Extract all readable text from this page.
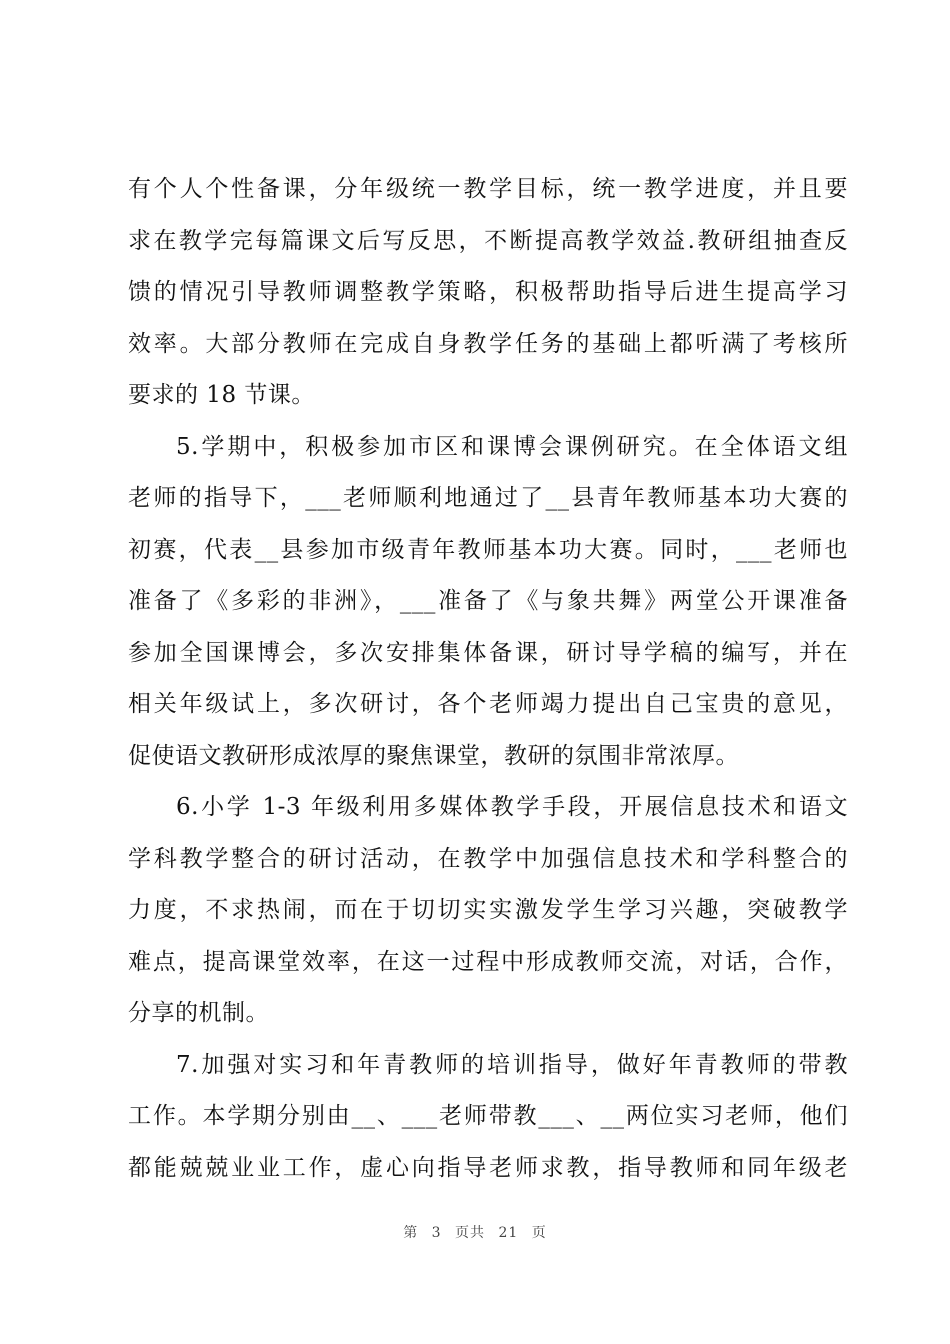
有个人个性备课，分年级统一教学目标，统一教学进度，并且要
求在教学完每篇课文后写反思，不断提高教学效益.教研组抽查反
馈的情况引导教师调整教学策略，积极帮助指导后进生提高学习
效率。大部分教师在完成自身教学任务的基础上都听满了考核所
要求的 18 节课。
5.学期中，积极参加市区和课博会课例研究。在全体语文组
老师的指导下，___老师顺利地通过了__县青年教师基本功大赛的
初赛，代表__县参加市级青年教师基本功大赛。同时，___老师也
准备了《多彩的非洲》，___准备了《与象共舞》两堂公开课准备
参加全国课博会，多次安排集体备课，研讨导学稿的编写，并在
相关年级试上，多次研讨，各个老师竭力提出自己宝贵的意见，
促使语文教研形成浓厚的聚焦课堂，教研的氛围非常浓厚。
6.小学 1-3 年级利用多媒体教学手段，开展信息技术和语文
学科教学整合的研讨活动，在教学中加强信息技术和学科整合的
力度，不求热闹，而在于切切实实激发学生学习兴趣，突破教学
难点，提高课堂效率，在这一过程中形成教师交流，对话，合作，
分享的机制。
7.加强对实习和年青教师的培训指导，做好年青教师的带教
工作。本学期分别由__、___老师带教___、__两位实习老师，他们
都能兢兢业业工作，虚心向指导老师求教，指导教师和同年级老
第 3 页共 21 页
